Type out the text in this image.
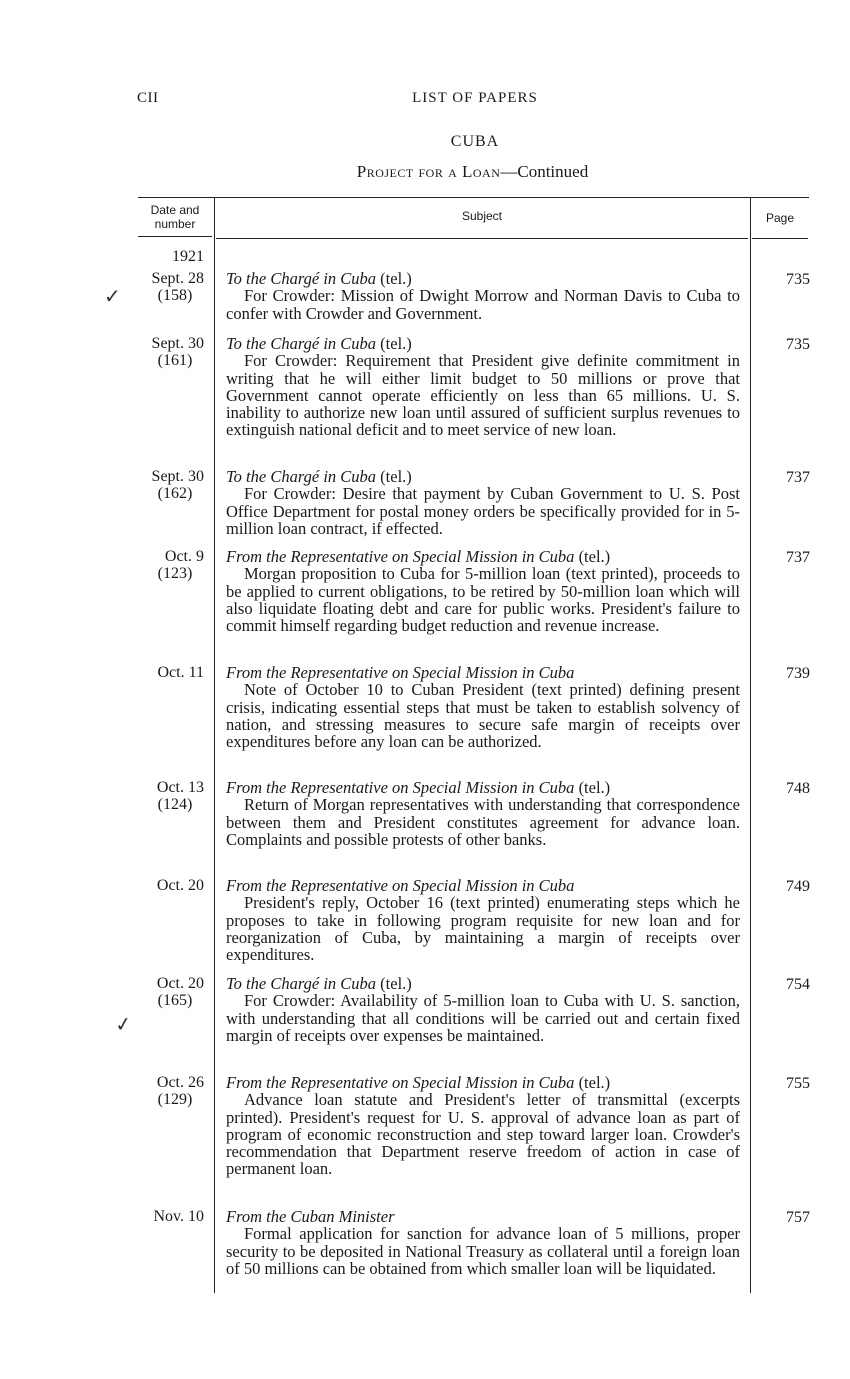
CII	LIST OF PAPERS
CUBA
Project for a Loan—Continued
Date and number
Subject	Page
1921
Sept. 28
(158)
To the Chargé in Cuba (tel.)
For Crowder: Mission of Dwight Morrow and Norman Davis to Cuba to confer with Crowder and Government.
735
Sept. 30
(161)
To the Chargé in Cuba (tel.)
For Crowder: Requirement that President give definite commitment in writing that he will either limit budget to 50 millions or prove that Government cannot operate efficiently on less than 65 millions. U. S. inability to authorize new loan until assured of sufficient surplus revenues to extinguish national deficit and to meet service of new loan.
735
Sept. 30
(162)
To the Chargé in Cuba (tel.)
For Crowder: Desire that payment by Cuban Government to U. S. Post Office Department for postal money orders be specifically provided for in 5-million loan contract, if effected.
737
Oct. 9
(123)
From the Representative on Special Mission in Cuba (tel.)
Morgan proposition to Cuba for 5-million loan (text printed), proceeds to be applied to current obligations, to be retired by 50-million loan which will also liquidate floating debt and care for public works. President's failure to commit himself regarding budget reduction and revenue increase.
737
Oct. 11 From the Representative on Special Mission in Cuba
Note of October 10 to Cuban President (text printed) defining present crisis, indicating essential steps that must be taken to establish solvency of nation, and stressing measures to secure safe margin of receipts over expenditures before any loan can be authorized.
739
Oct. 13
(124)
From the Representative on Special Mission in Cuba (tel.)
Return of Morgan representatives with understanding that correspondence between them and President constitutes agreement for advance loan. Complaints and possible protests of other banks.
748
Oct. 20 From the Representative on Special Mission in Cuba
President's reply, October 16 (text printed) enumerating steps which he proposes to take in following program requisite for new loan and for reorganization of Cuba, by maintaining a margin of receipts over expenditures.
749
Oct. 20
(165)
To the Chargé in Cuba (tel.)
For Crowder: Availability of 5-million loan to Cuba with U. S. sanction, with understanding that all conditions will be carried out and certain fixed margin of receipts over expenses be maintained.
754
Oct. 26
(129)
From the Representative on Special Mission in Cuba (tel.)
Advance loan statute and President's letter of transmittal (excerpts printed). President's request for U. S. approval of advance loan as part of program of economic reconstruction and step toward larger loan. Crowder's recommendation that Department reserve freedom of action in case of permanent loan.
755
Nov. 10 From the Cuban Minister
Formal application for sanction for advance loan of 5 millions, proper security to be deposited in National Treasury as collateral until a foreign loan of 50 millions can be obtained from which smaller loan will be liquidated.
757
✓
✓
